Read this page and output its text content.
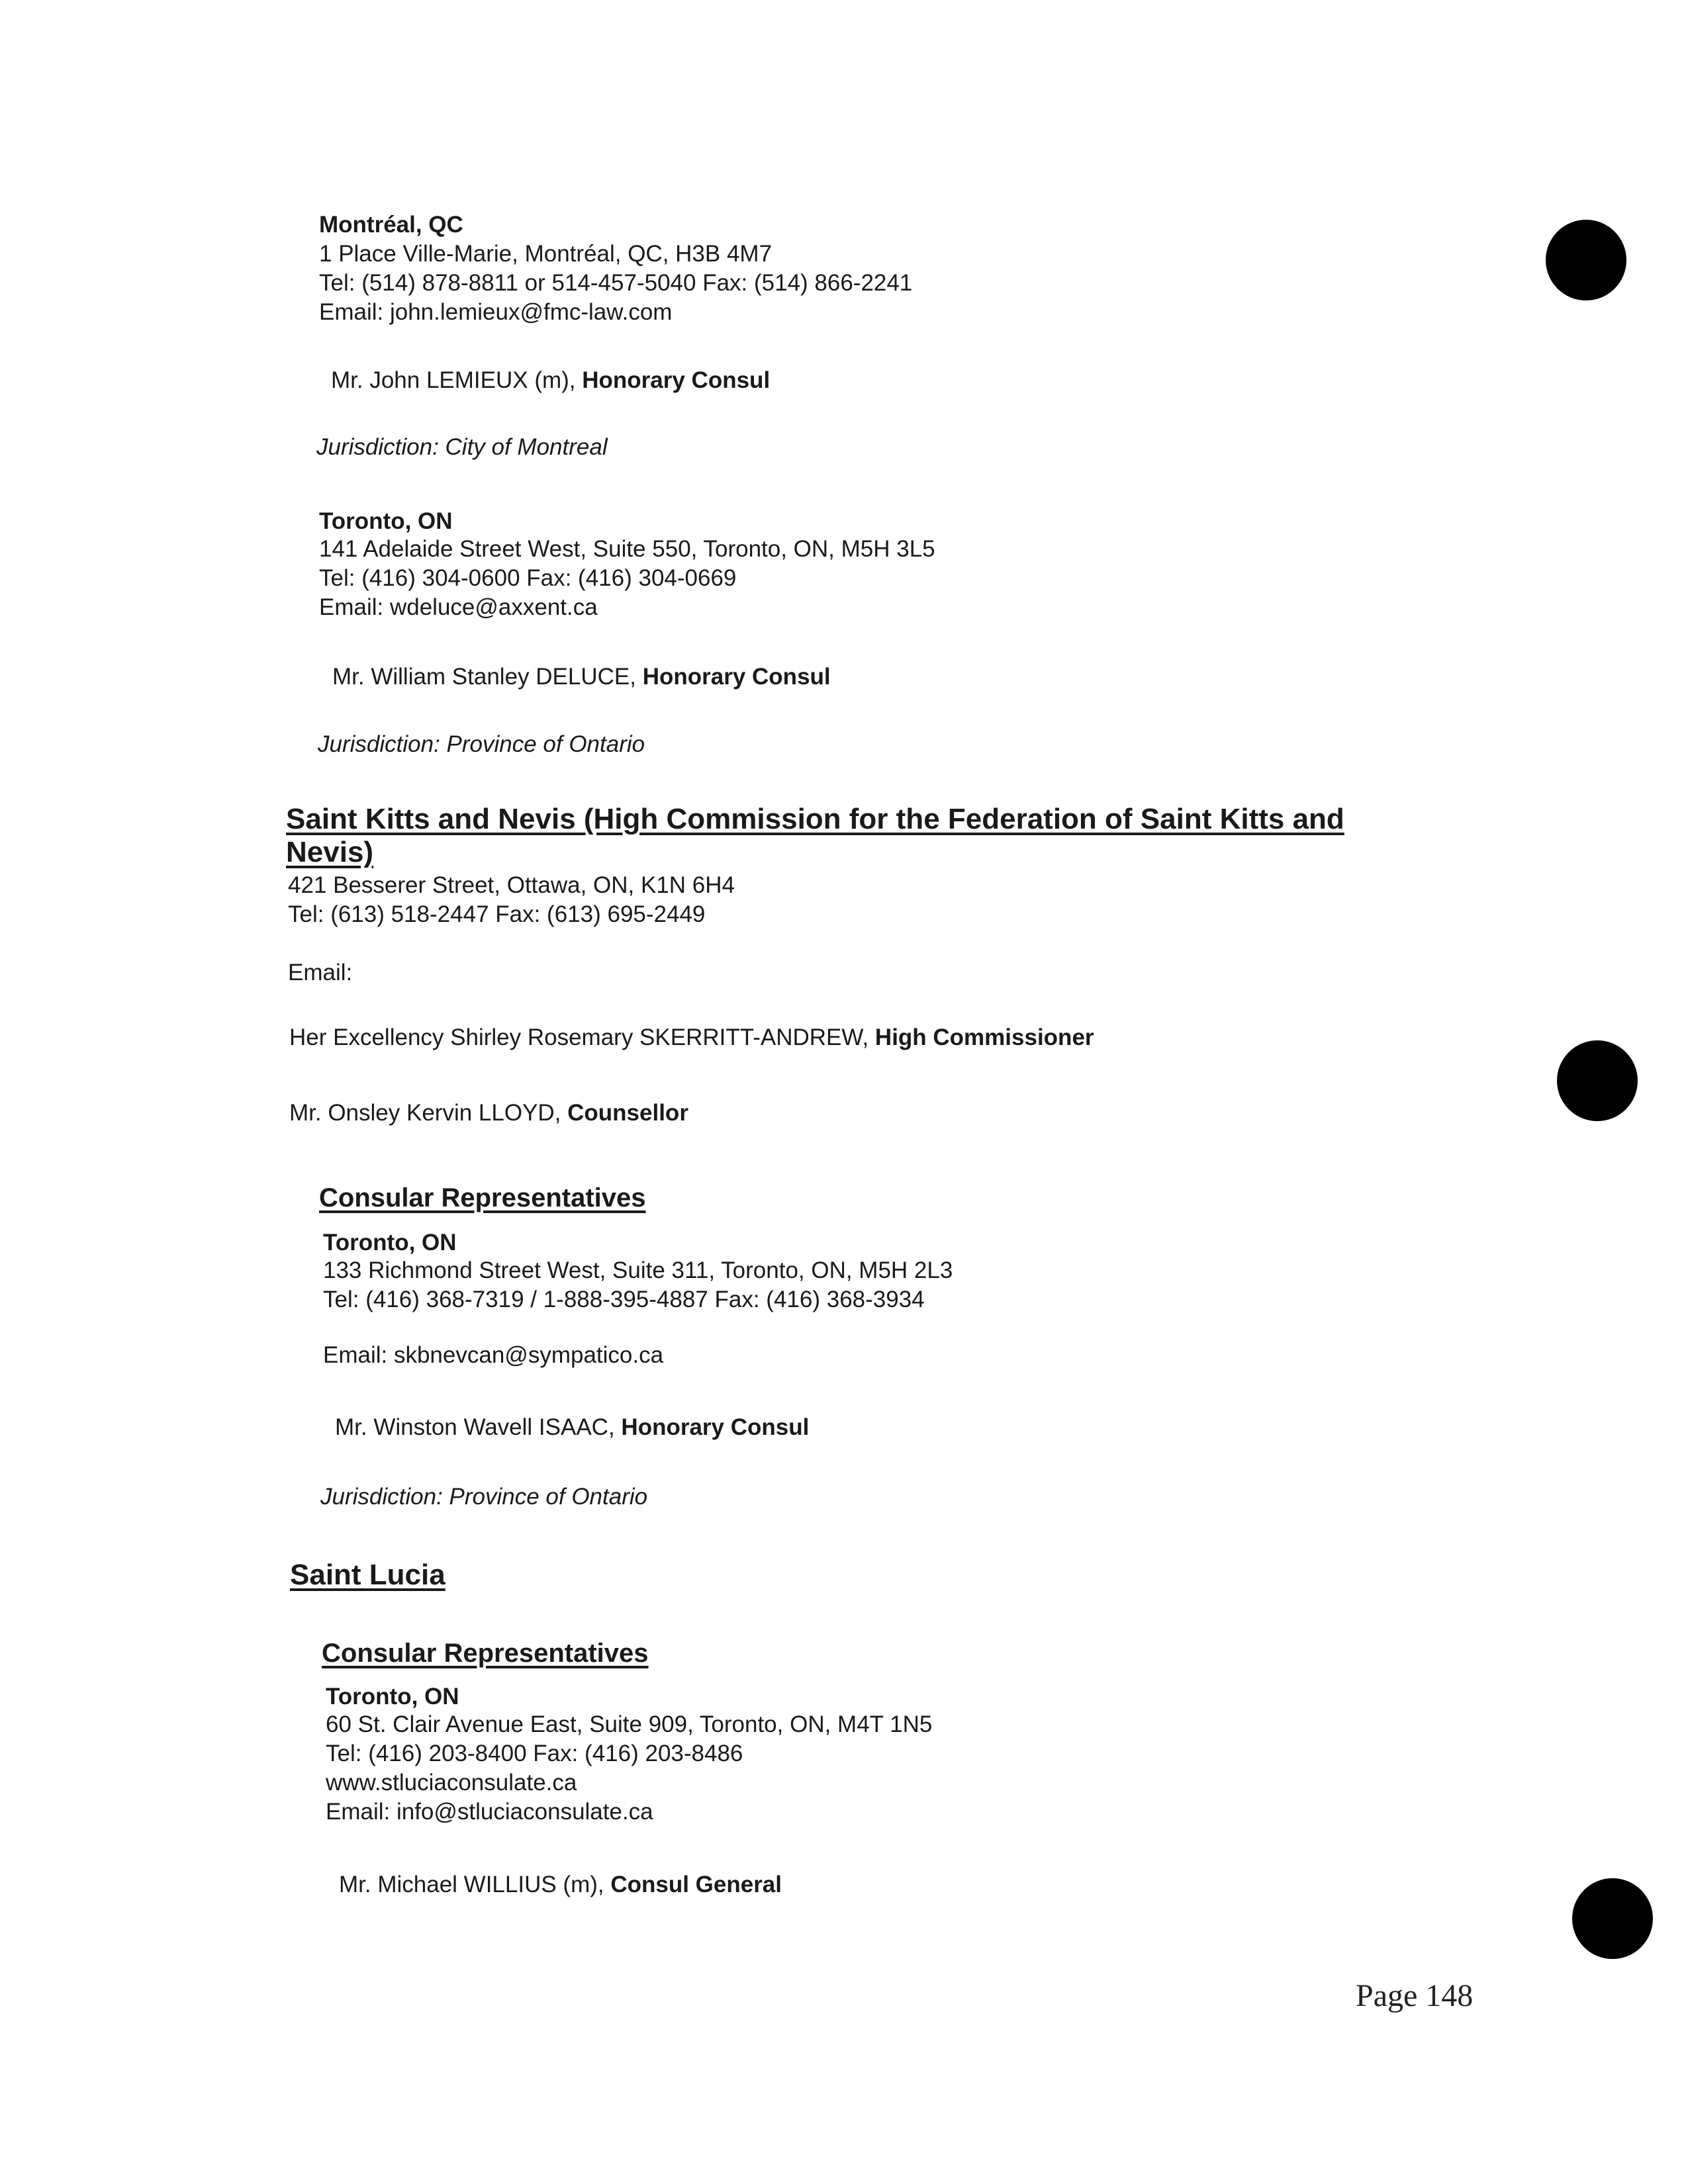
Montréal, QC
1 Place Ville-Marie, Montréal, QC, H3B 4M7
Tel: (514) 878-8811 or 514-457-5040 Fax: (514) 866-2241
Email: john.lemieux@fmc-law.com
Mr. John LEMIEUX (m), Honorary Consul
Jurisdiction: City of Montreal
Toronto, ON
141 Adelaide Street West, Suite 550, Toronto, ON, M5H 3L5
Tel: (416) 304-0600 Fax: (416) 304-0669
Email: wdeluce@axxent.ca
Mr. William Stanley DELUCE, Honorary Consul
Jurisdiction: Province of Ontario
Saint Kitts and Nevis (High Commission for the Federation of Saint Kitts and Nevis)
421 Besserer Street, Ottawa, ON, K1N 6H4
Tel: (613) 518-2447 Fax: (613) 695-2449
Email:
Her Excellency Shirley Rosemary SKERRITT-ANDREW, High Commissioner
Mr. Onsley Kervin LLOYD, Counsellor
Consular Representatives
Toronto, ON
133 Richmond Street West, Suite 311, Toronto, ON, M5H 2L3
Tel: (416) 368-7319 / 1-888-395-4887 Fax: (416) 368-3934
Email: skbnevcan@sympatico.ca
Mr. Winston Wavell ISAAC, Honorary Consul
Jurisdiction: Province of Ontario
Saint Lucia
Consular Representatives
Toronto, ON
60 St. Clair Avenue East, Suite 909, Toronto, ON, M4T 1N5
Tel: (416) 203-8400 Fax: (416) 203-8486
www.stluciaconsulate.ca
Email: info@stluciaconsulate.ca
Mr. Michael WILLIUS (m), Consul General
Page 148
